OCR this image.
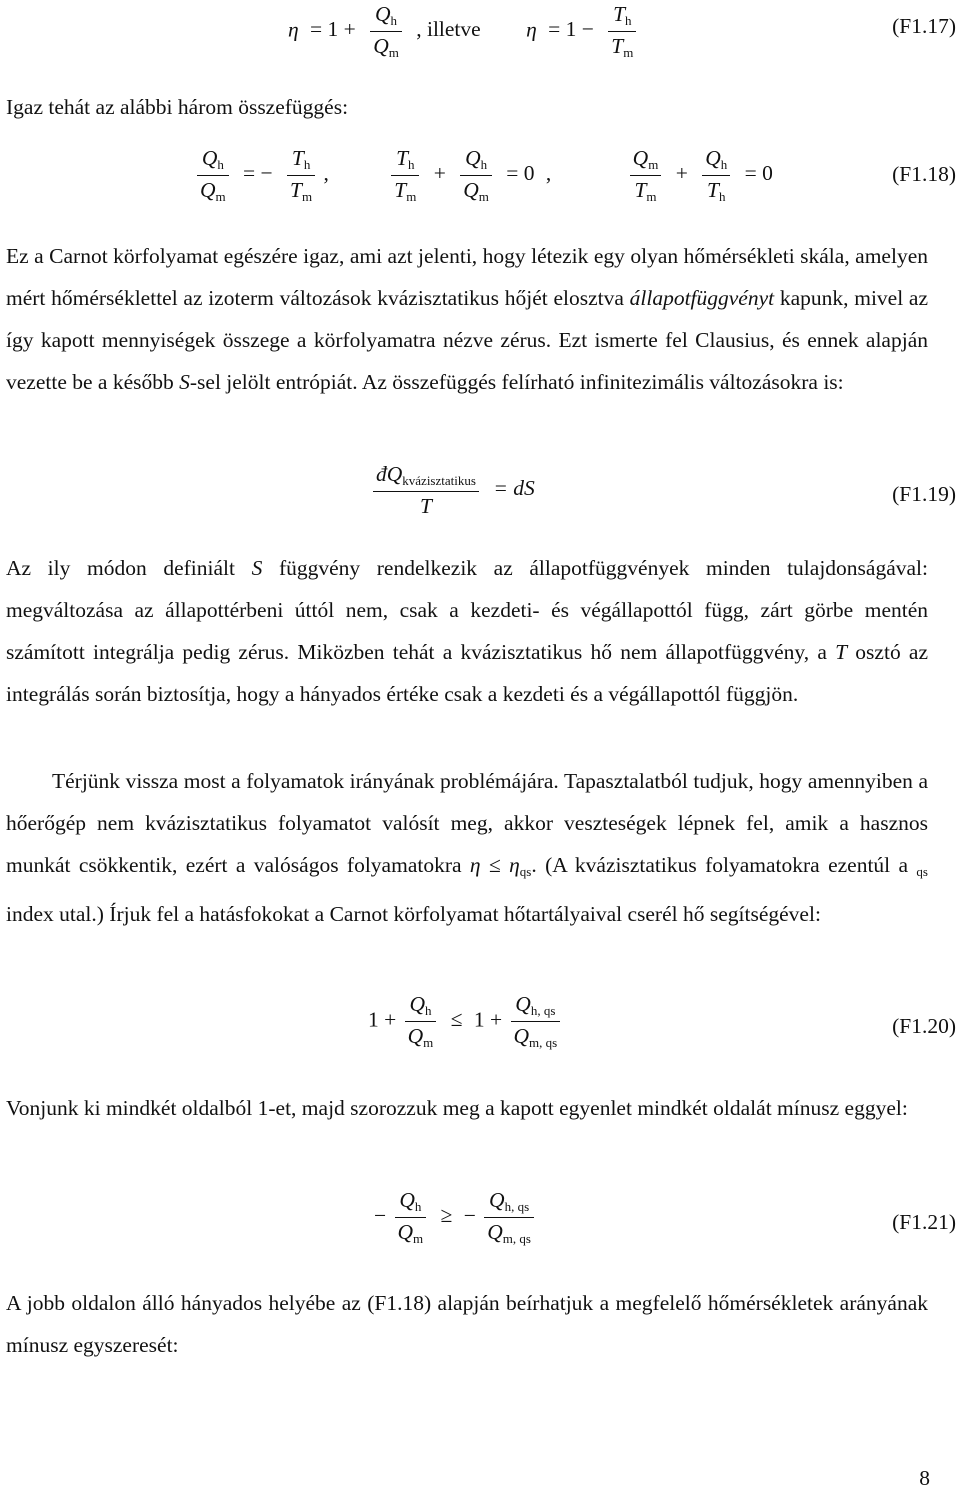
$\eta = 1 + \frac{Q_h}{Q_m}$ , illetve $\eta = 1 - \frac{T_h}{T_m}$	(F1.17)
Igaz tehát az alábbi három összefüggés:
$\frac{Q_h}{Q_m}$ = − $\frac{T_h}{T_m}$ ,	$\frac{T_h}{T_m} + \frac{Q_h}{Q_m} = 0$ ,	$\frac{Q_m}{T_m} + \frac{Q_h}{T_h} = 0$	(F1.18)
Ez a Carnot körfolyamat egészére igaz, ami azt jelenti, hogy létezik egy olyan hőmérsékleti skála, amelyen mért hőmérséklettel az izoterm változások kvázisztatikus hőjét elosztva állapotfüggvényt kapunk, mivel az így kapott mennyiségek összege a körfolyamatra nézve zérus. Ezt ismerte fel Clausius, és ennek alapján vezette be a később S-sel jelölt entrópiát. Az összefüggés felírható infinitezimális változásokra is:
$\frac{đQ_{kvázisztatikus}}{T}$ = dS	(F1.19)
Az ily módon definiált S függvény rendelkezik az állapotfüggvények minden tulajdonságával: megváltozása az állapottérbeni úttól nem, csak a kezdeti- és végállapottól függ, zárt görbe mentén számított integrálja pedig zérus. Miközben tehát a kvázisztatikus hő nem állapotfüggvény, a T osztó az integrálás során biztosítja, hogy a hányados értéke csak a kezdeti és a végállapottól függjön.
Térjünk vissza most a folyamatok irányának problémájára. Tapasztalatból tudjuk, hogy amennyiben a hőerőgép nem kvázisztatikus folyamatot valósít meg, akkor veszteségek lépnek fel, amik a hasznos munkát csökkentik, ezért a valóságos folyamatokra $\eta \le \eta_{qs}$. (A kvázisztatikus folyamatokra ezentúl a $_{qs}$ index utal.) Írjuk fel a hatásfokokat a Carnot körfolyamat hőtartályaival cserél hő segítségével:
$1 + \frac{Q_h}{Q_m} \le 1 + \frac{Q_{h, qs}}{Q_{m, qs}}$	(F1.20)
Vonjunk ki mindkét oldalból 1-et, majd szorozzuk meg a kapott egyenlet mindkét oldalát mínusz eggyel:
− $\frac{Q_h}{Q_m}$ ≥ − $\frac{Q_{h, qs}}{Q_{m, qs}}$	(F1.21)
A jobb oldalon álló hányados helyébe az (F1.18) alapján beírhatjuk a megfelelő hőmérsékletek arányának mínusz egyszeresét:
8
